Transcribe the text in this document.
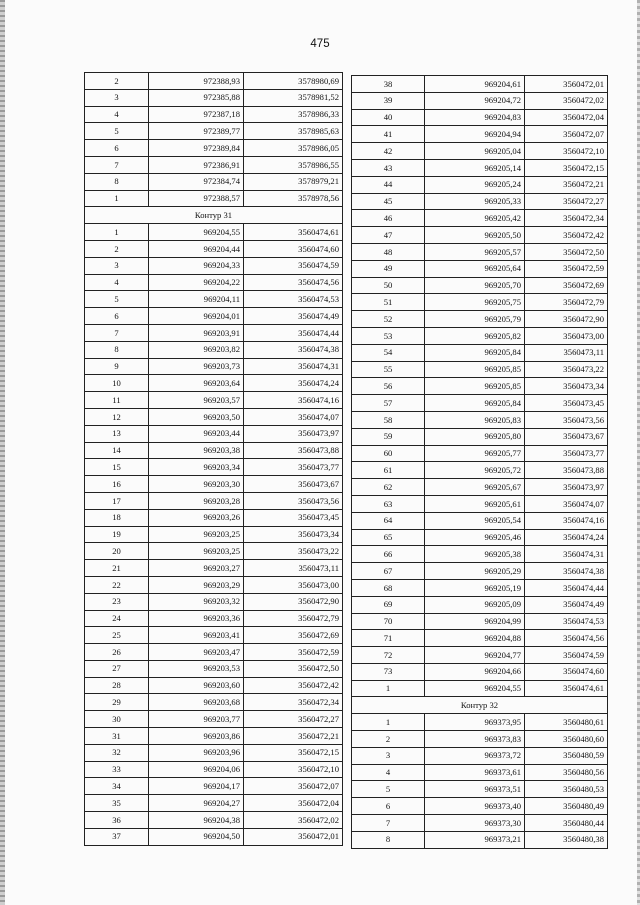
475
2	972388,93	3578980,69
3	972385,88	3578981,52
4	972387,18	3578986,33
5	972389,77	3578985,63
6	972389,84	3578986,05
7	972386,91	3578986,55
8	972384,74	3578979,21
1	972388,57	3578978,56
Контур 31		
1	969204,55	3560474,61
2	969204,44	3560474,60
3	969204,33	3560474,59
4	969204,22	3560474,56
5	969204,11	3560474,53
6	969204,01	3560474,49
7	969203,91	3560474,44
8	969203,82	3560474,38
9	969203,73	3560474,31
10	969203,64	3560474,24
11	969203,57	3560474,16
12	969203,50	3560474,07
13	969203,44	3560473,97
14	969203,38	3560473,88
15	969203,34	3560473,77
16	969203,30	3560473,67
17	969203,28	3560473,56
18	969203,26	3560473,45
19	969203,25	3560473,34
20	969203,25	3560473,22
21	969203,27	3560473,11
22	969203,29	3560473,00
23	969203,32	3560472,90
24	969203,36	3560472,79
25	969203,41	3560472,69
26	969203,47	3560472,59
27	969203,53	3560472,50
28	969203,60	3560472,42
29	969203,68	3560472,34
30	969203,77	3560472,27
31	969203,86	3560472,21
32	969203,96	3560472,15
33	969204,06	3560472,10
34	969204,17	3560472,07
35	969204,27	3560472,04
36	969204,38	3560472,02
37	969204,50	3560472,01
38	969204,61	3560472,01
39	969204,72	3560472,02
40	969204,83	3560472,04
41	969204,94	3560472,07
42	969205,04	3560472,10
43	969205,14	3560472,15
44	969205,24	3560472,21
45	969205,33	3560472,27
46	969205,42	3560472,34
47	969205,50	3560472,42
48	969205,57	3560472,50
49	969205,64	3560472,59
50	969205,70	3560472,69
51	969205,75	3560472,79
52	969205,79	3560472,90
53	969205,82	3560473,00
54	969205,84	3560473,11
55	969205,85	3560473,22
56	969205,85	3560473,34
57	969205,84	3560473,45
58	969205,83	3560473,56
59	969205,80	3560473,67
60	969205,77	3560473,77
61	969205,72	3560473,88
62	969205,67	3560473,97
63	969205,61	3560474,07
64	969205,54	3560474,16
65	969205,46	3560474,24
66	969205,38	3560474,31
67	969205,29	3560474,38
68	969205,19	3560474,44
69	969205,09	3560474,49
70	969204,99	3560474,53
71	969204,88	3560474,56
72	969204,77	3560474,59
73	969204,66	3560474,60
1	969204,55	3560474,61
Контур 32		
1	969373,95	3560480,61
2	969373,83	3560480,60
3	969373,72	3560480,59
4	969373,61	3560480,56
5	969373,51	3560480,53
6	969373,40	3560480,49
7	969373,30	3560480,44
8	969373,21	3560480,38
